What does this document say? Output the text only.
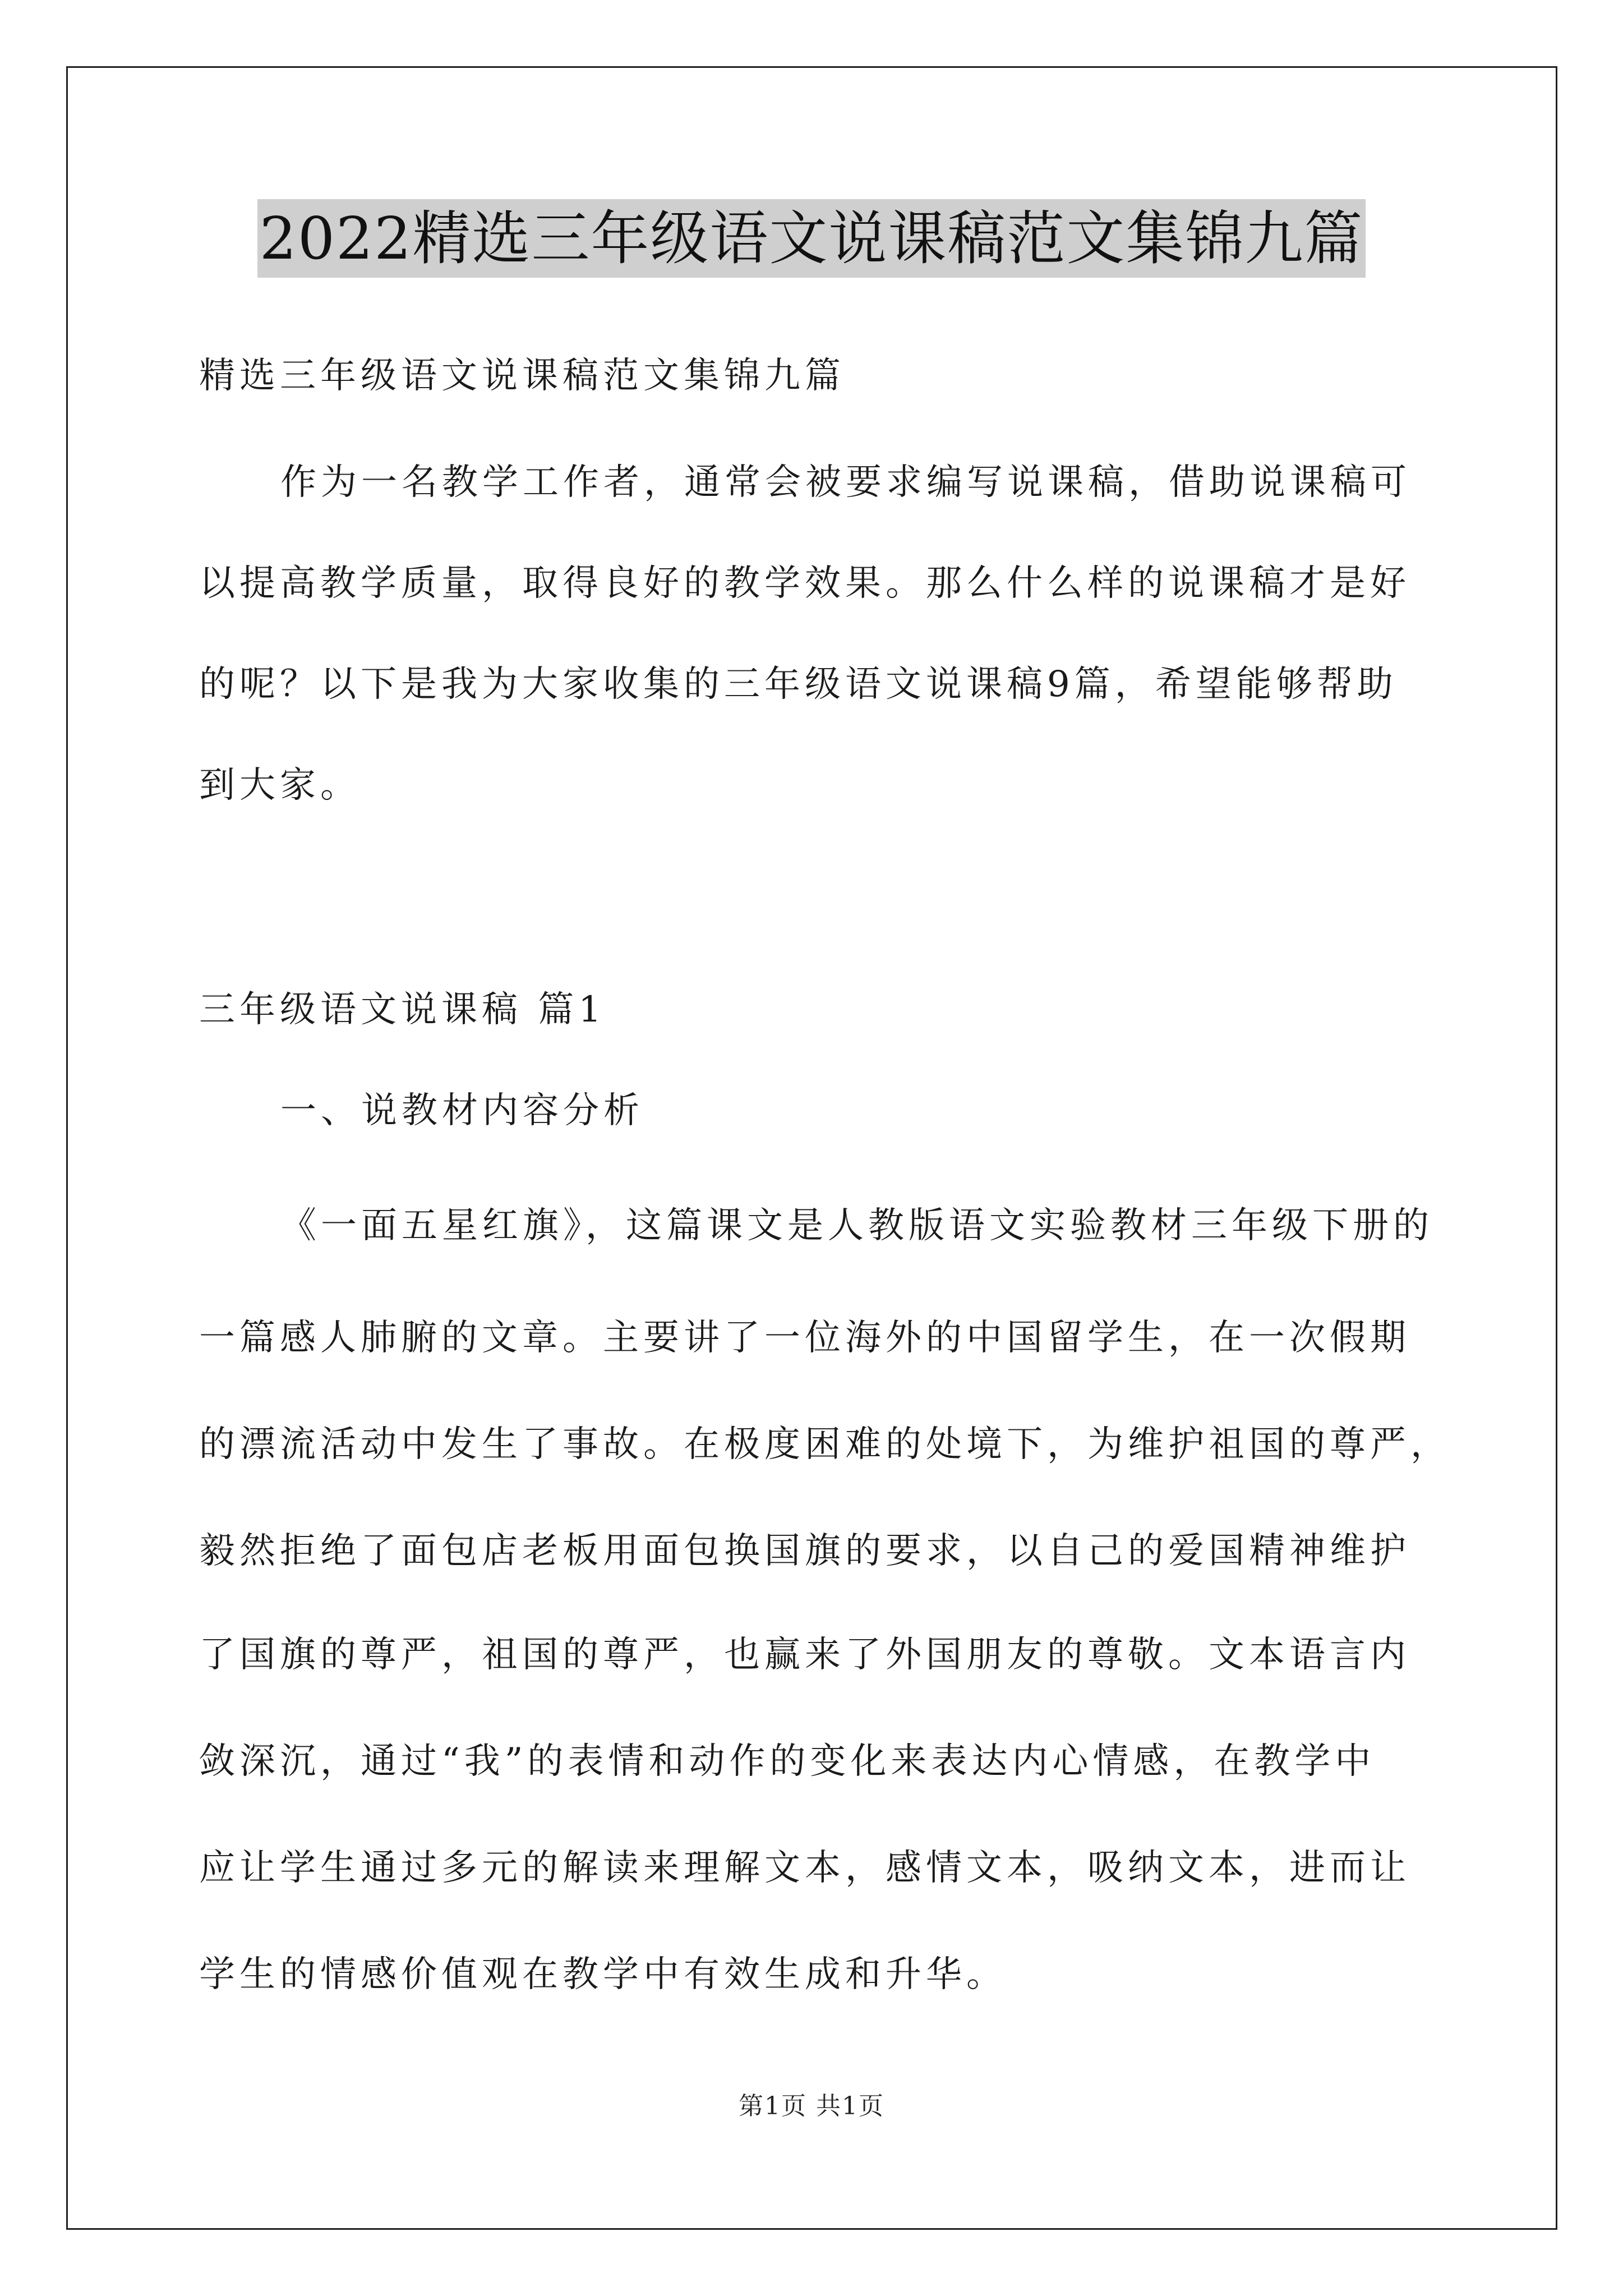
2022精选三年级语文说课稿范文集锦九篇
精选三年级语文说课稿范文集锦九篇
作为一名教学工作者，通常会被要求编写说课稿，借助说课稿可
以提高教学质量，取得良好的教学效果。那么什么样的说课稿才是好
的呢？以下是我为大家收集的三年级语文说课稿9篇，希望能够帮助
到大家。
三年级语文说课稿 篇1
一、说教材内容分析
《一面五星红旗》，这篇课文是人教版语文实验教材三年级下册的
一篇感人肺腑的文章。主要讲了一位海外的中国留学生，在一次假期
的漂流活动中发生了事故。在极度困难的处境下，为维护祖国的尊严，
毅然拒绝了面包店老板用面包换国旗的要求，以自己的爱国精神维护
了国旗的尊严，祖国的尊严，也赢来了外国朋友的尊敬。文本语言内
敛深沉，通过“我”的表情和动作的变化来表达内心情感，在教学中
应让学生通过多元的解读来理解文本，感情文本，吸纳文本，进而让
学生的情感价值观在教学中有效生成和升华。
第1页 共1页
